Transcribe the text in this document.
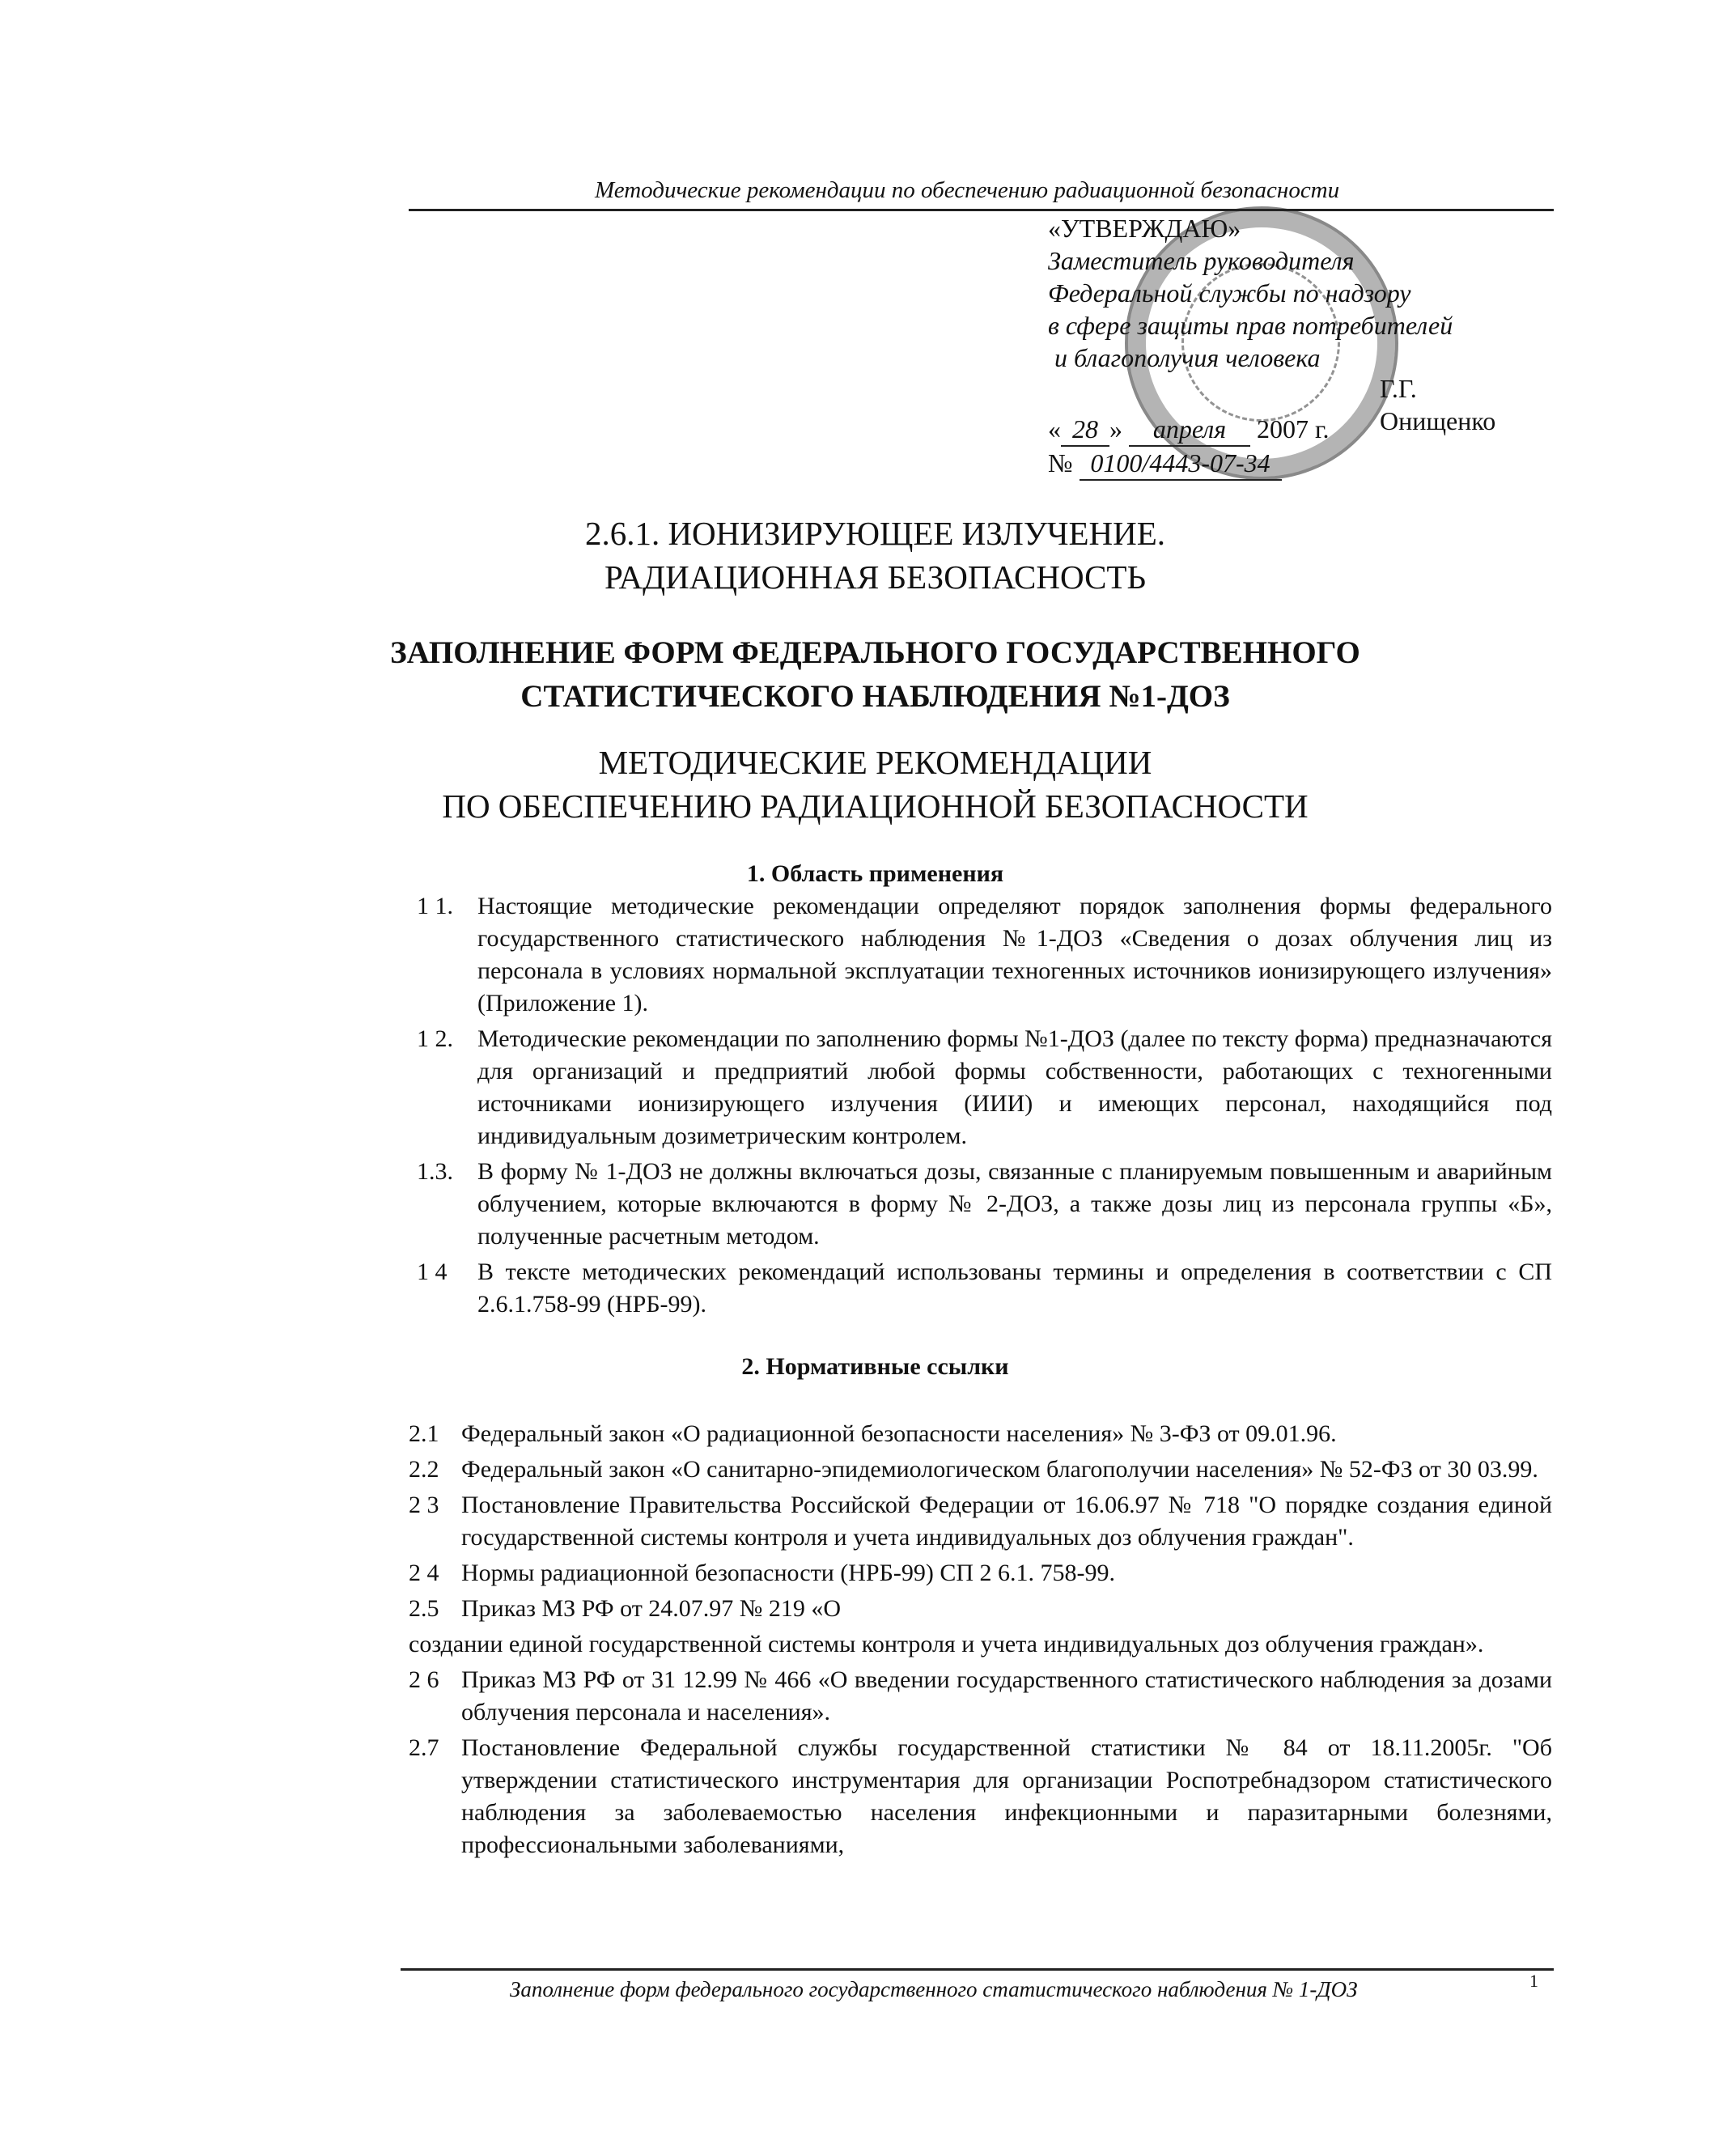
Методические рекомендации по обеспечению радиационной безопасности
«УТВЕРЖДАЮ»
Заместитель руководителя
Федеральной службы по надзору
в сфере защиты прав потребителей
и благополучия человека
Г.Г. Онищенко
« 28 » апреля 2007 г.
№ 0100/4443-07-34
2.6.1. ИОНИЗИРУЮЩЕЕ ИЗЛУЧЕНИЕ.
РАДИАЦИОННАЯ БЕЗОПАСНОСТЬ
ЗАПОЛНЕНИЕ ФОРМ ФЕДЕРАЛЬНОГО ГОСУДАРСТВЕННОГО
СТАТИСТИЧЕСКОГО НАБЛЮДЕНИЯ №1-ДОЗ
МЕТОДИЧЕСКИЕ РЕКОМЕНДАЦИИ
ПО ОБЕСПЕЧЕНИЮ РАДИАЦИОННОЙ БЕЗОПАСНОСТИ
1. Область применения
1 1. Настоящие методические рекомендации определяют порядок заполнения формы федерального государственного статистического наблюдения №1-ДОЗ «Сведения о дозах облучения лиц из персонала в условиях нормальной эксплуатации техногенных источников ионизирующего излучения» (Приложение 1).
1 2. Методические рекомендации по заполнению формы №1-ДОЗ (далее по тексту форма) предназначаются для организаций и предприятий любой формы собственности, работающих с техногенными источниками ионизирующего излучения (ИИИ) и имеющих персонал, находящийся под индивидуальным дозиметрическим контролем.
1.3. В форму № 1-ДОЗ не должны включаться дозы, связанные с планируемым повышенным и аварийным облучением, которые включаются в форму № 2-ДОЗ, а также дозы лиц из персонала группы «Б», полученные расчетным методом.
1 4 В тексте методических рекомендаций использованы термины и определения в соответствии с СП 2.6.1.758-99 (НРБ-99).
2. Нормативные ссылки
2.1 Федеральный закон «О радиационной безопасности населения» № 3-ФЗ от 09.01.96.
2.2 Федеральный закон «О санитарно-эпидемиологическом благополучии населения» № 52-ФЗ от 30 03.99.
2 3 Постановление Правительства Российской Федерации от 16.06.97 № 718 "О порядке создания единой государственной системы контроля и учета индивидуальных доз облучения граждан".
2 4 Нормы радиационной безопасности (НРБ-99) СП 2 6.1. 758-99.
2.5 Приказ МЗ РФ от 24.07.97 № 219 «О
создании единой государственной системы контроля и учета индивидуальных доз облучения граждан».
2 6 Приказ МЗ РФ от 31 12.99 № 466 «О введении государственного статистического наблюдения за дозами облучения персонала и населения».
2.7 Постановление Федеральной службы государственной статистики № 84 от 18.11.2005г. "Об утверждении статистического инструментария для организации Роспотребнадзором статистического наблюдения за заболеваемостью населения инфекционными и паразитарными болезнями, профессиональными заболеваниями,
Заполнение форм федерального государственного статистического наблюдения № 1-ДОЗ	1
